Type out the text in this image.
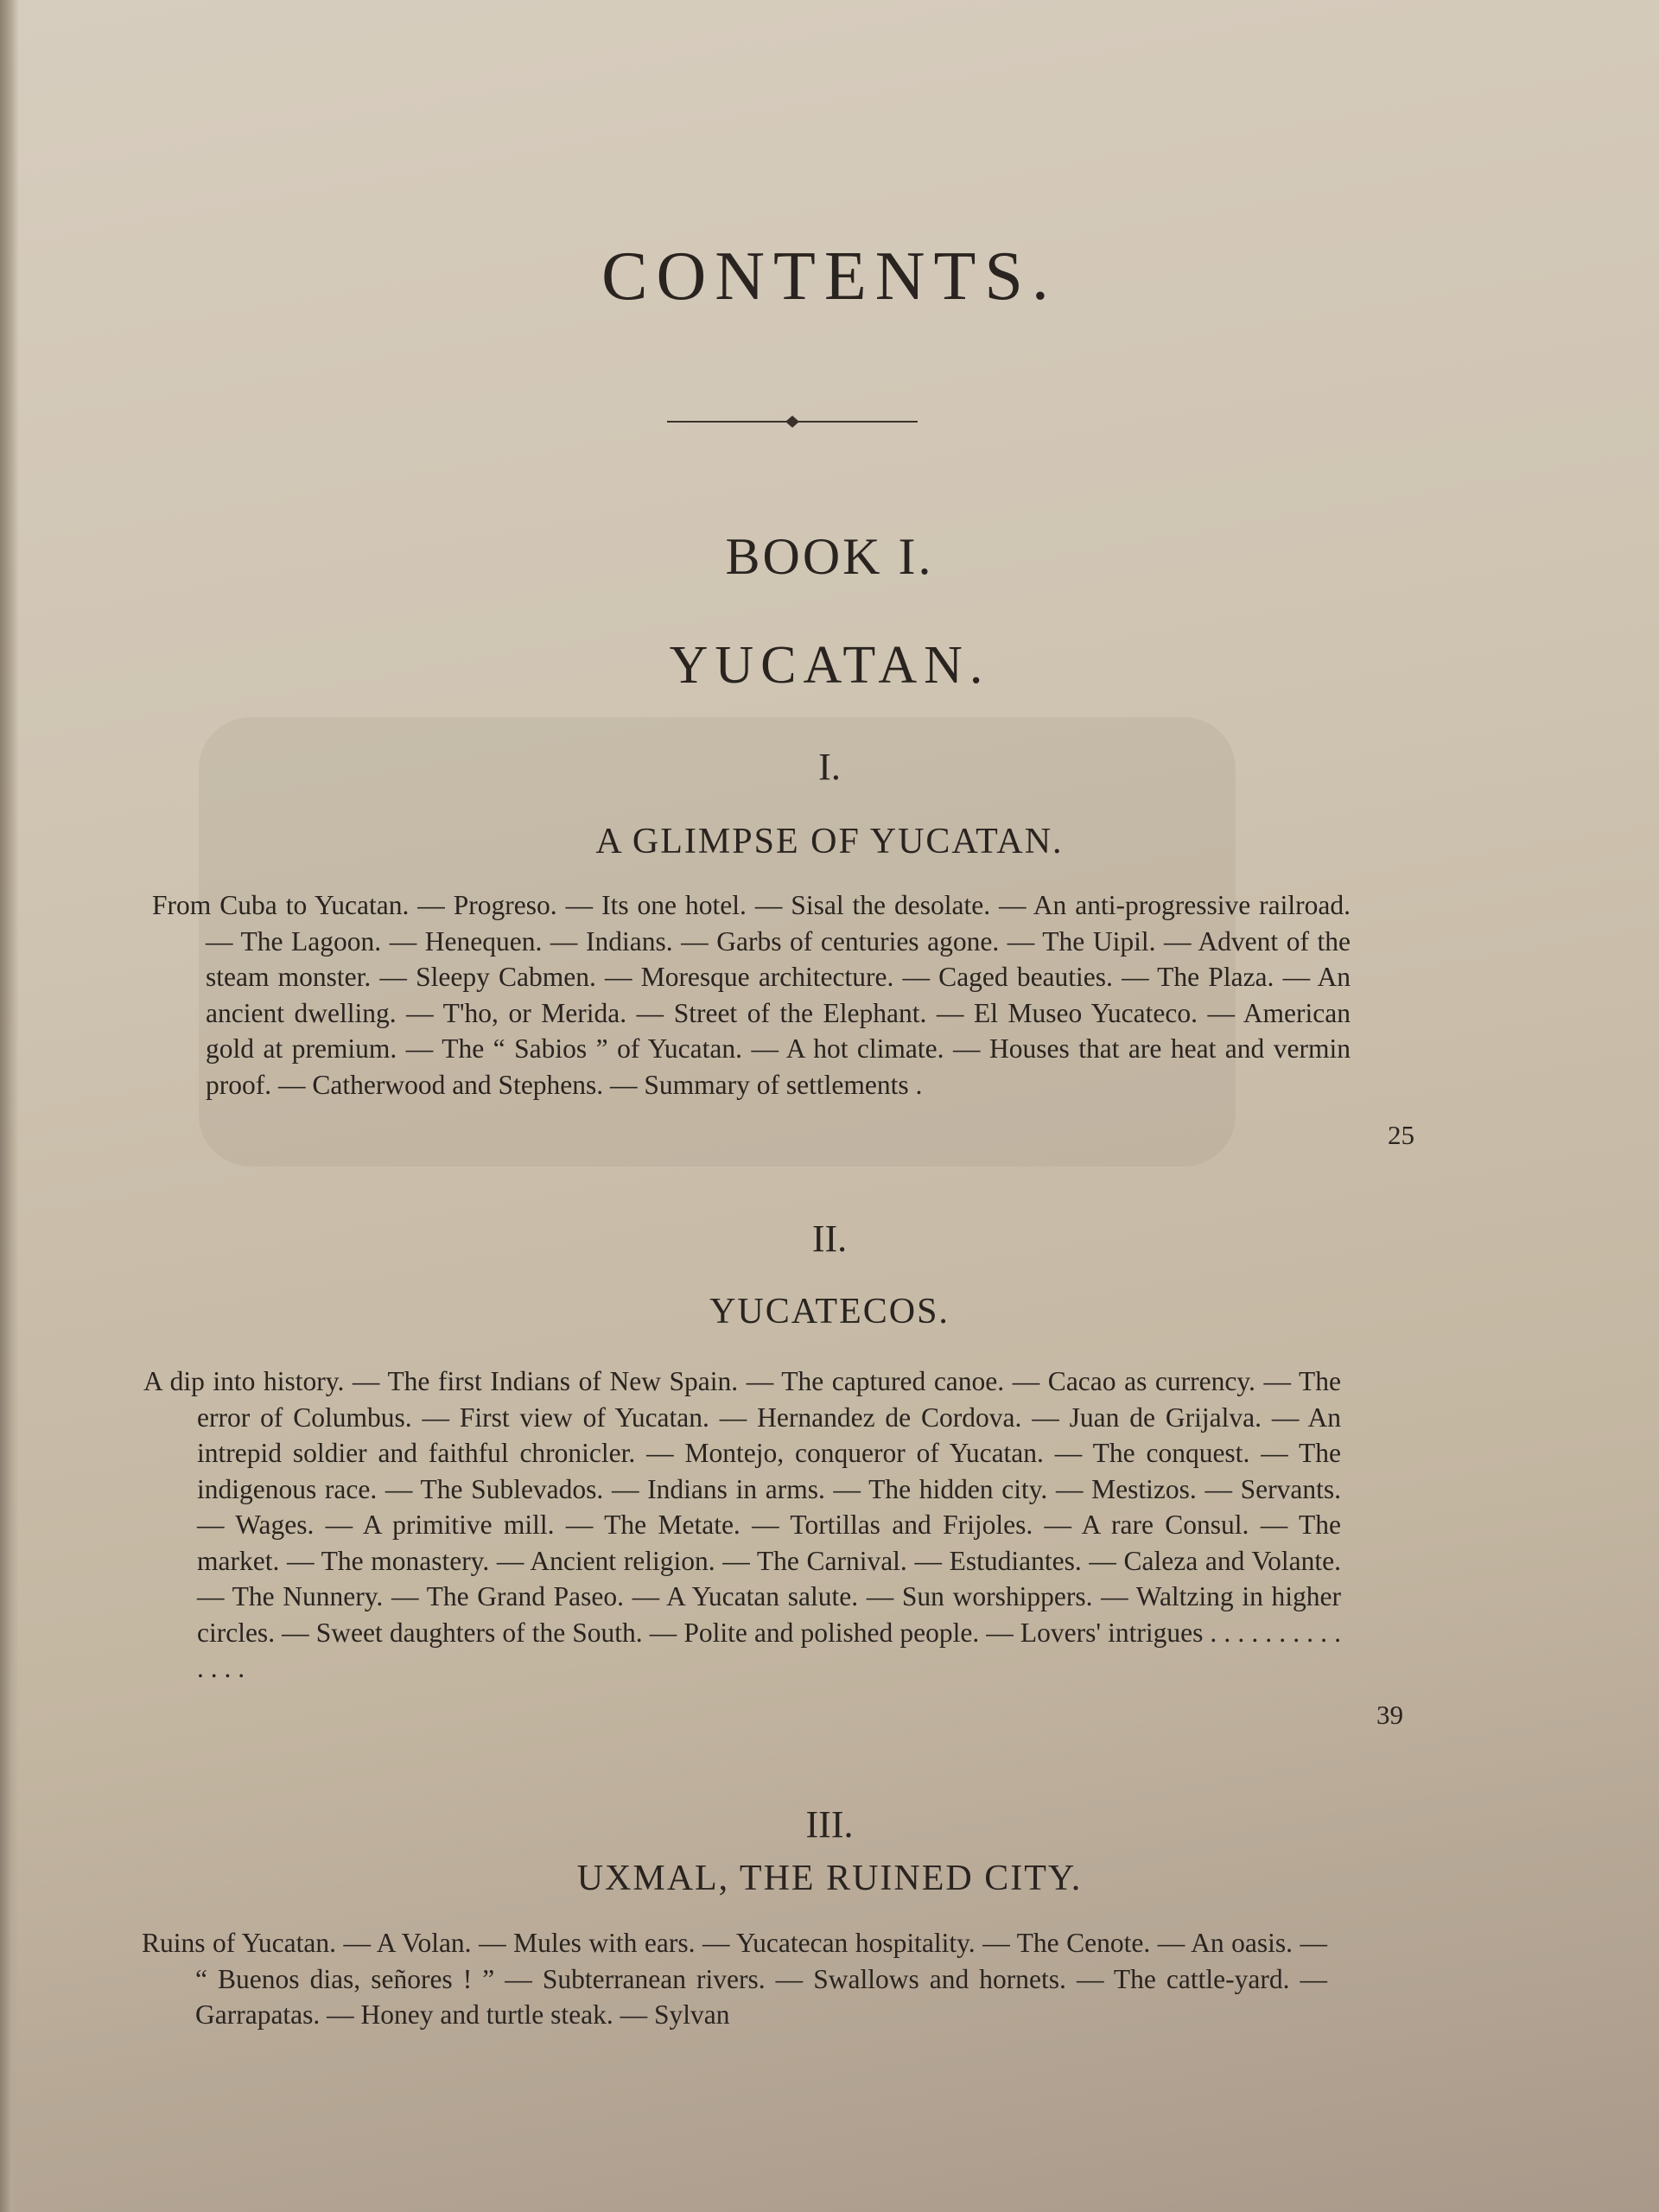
CONTENTS.
BOOK I.
YUCATAN.
I.
A GLIMPSE OF YUCATAN.
From Cuba to Yucatan. — Progreso. — Its one hotel. — Sisal the desolate. — An anti-progressive railroad. — The Lagoon. — Henequen. — Indians. — Garbs of centuries agone. — The Uipil. — Advent of the steam monster. — Sleepy Cabmen. — Moresque architecture. — Caged beauties. — The Plaza. — An ancient dwelling. — T'ho, or Merida. — Street of the Elephant. — El Museo Yucateco. — American gold at premium. — The “ Sabios ” of Yucatan. — A hot climate. — Houses that are heat and vermin proof. — Catherwood and Stephens. — Summary of settlements .
25
II.
YUCATECOS.
A dip into history. — The first Indians of New Spain. — The captured canoe. — Cacao as currency. — The error of Columbus. — First view of Yucatan. — Hernandez de Cordova. — Juan de Grijalva. — An intrepid soldier and faithful chronicler. — Montejo, conqueror of Yucatan. — The conquest. — The indigenous race. — The Sublevados. — Indians in arms. — The hidden city. — Mestizos. — Servants. — Wages. — A primitive mill. — The Metate. — Tortillas and Frijoles. — A rare Consul. — The market. — The monastery. — Ancient religion. — The Carnival. — Estudiantes. — Caleza and Volante. — The Nunnery. — The Grand Paseo. — A Yucatan salute. — Sun worshippers. — Waltzing in higher circles. — Sweet daughters of the South. — Polite and polished people. — Lovers' intrigues . . . . . . . . . . . . . .
39
III.
UXMAL, THE RUINED CITY.
Ruins of Yucatan. — A Volan. — Mules with ears. — Yucatecan hospitality. — The Cenote. — An oasis. — “ Buenos dias, señores ! ” — Subterranean rivers. — Swallows and hornets. — The cattle-yard. — Garrapatas. — Honey and turtle steak. — Sylvan
